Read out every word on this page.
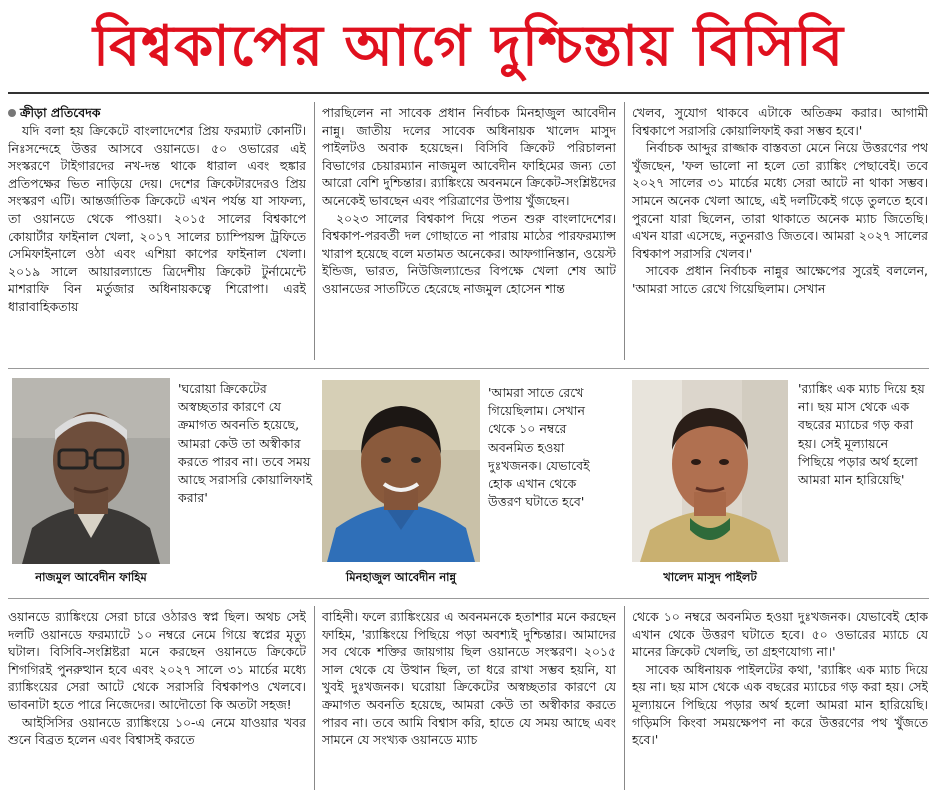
বিশ্বকাপের আগে দুশ্চিন্তায় বিসিবি
ক্রীড়া প্রতিবেদক

যদি বলা হয় ক্রিকেটে বাংলাদেশের প্রিয় ফরম্যাট কোনটি। নিঃসন্দেহে উত্তর আসবে ওয়ানডে। ৫০ ওভারের এই সংস্করণে টাইগারদের নখ-দন্ত থাকে ধারাল এবং হুঙ্কার প্রতিপক্ষের ভিত নাড়িয়ে দেয়। দেশের ক্রিকেটারদেরও প্রিয় সংস্করণ এটি। আন্তর্জাতিক ক্রিকেটে এখন পর্যন্ত যা সাফল্য, তা ওয়ানডে থেকে পাওয়া। ২০১৫ সালের বিশ্বকাপে কোয়ার্টার ফাইনাল খেলা, ২০১৭ সালের চ্যাম্পিয়ন্স ট্রফিতে সেমিফাইনালে ওঠা এবং এশিয়া কাপের ফাইনাল খেলা। ২০১৯ সালে আয়ারল্যান্ডে ত্রিদেশীয় ক্রিকেট টুর্নামেন্টে মাশরাফি বিন মর্তুজার অধিনায়কত্বে শিরোপা। এরই ধারাবাহিকতায়

পারছিলেন না সাবেক প্রধান নির্বাচক মিনহাজুল আবেদীন নান্নু। জাতীয় দলের সাবেক অধিনায়ক খালেদ মাসুদ পাইলটও অবাক হয়েছেন। বিসিবি ক্রিকেট পরিচালনা বিভাগের চেয়ারম্যান নাজমুল আবেদীন ফাহিমের জন্য তো আরো বেশি দুশ্চিন্তার। র‌্যাঙ্কিংয়ে অবনমনে ক্রিকেট-সংশ্লিষ্টদের অনেকেই ভাবছেন এবং পরিত্রাণের উপায় খুঁজছেন।

২০২৩ সালের বিশ্বকাপ দিয়ে পতন শুরু বাংলাদেশের। বিশ্বকাপ-পরবর্তী দল গোছাতে না পারায় মাঠের পারফরম্যান্স খারাপ হয়েছে বলে মতামত অনেকের। আফগানিস্তান, ওয়েস্ট ইন্ডিজ, ভারত, নিউজিল্যান্ডের বিপক্ষে খেলা শেষ আট ওয়ানডের সাতটিতে হেরেছে নাজমুল হোসেন শান্ত

খেলব, সুযোগ থাকবে এটাকে অতিক্রম করার। আগামী বিশ্বকাপে সরাসরি কোয়ালিফাই করা সম্ভব হবে।'

নির্বাচক আব্দুর রাজ্জাক বাস্তবতা মেনে নিয়ে উত্তরণের পথ খুঁজছেন, 'ফল ভালো না হলে তো র‌্যাঙ্কিং পেছাবেই। তবে ২০২৭ সালের ৩১ মার্চের মধ্যে সেরা আটে না থাকা সম্ভব। সামনে অনেক খেলা আছে, এই দলটিকেই গড়ে তুলতে হবে। পুরনো যারা ছিলেন, তারা থাকাতে অনেক ম্যাচ জিতেছি। এখন যারা এসেছে, নতুনরাও জিতবে। আমরা ২০২৭ সালের বিশ্বকাপ সরাসরি খেলব।'

সাবেক প্রধান নির্বাচক নান্নুর আক্ষেপের সুরেই বললেন, 'আমরা সাতে রেখে গিয়েছিলাম। সেখান

'ঘরোয়া ক্রিকেটের অস্বচ্ছতার কারণে যে ক্রমাগত অবনতি হয়েছে, আমরা কেউ তা অস্বীকার করতে পারব না। তবে সময় আছে সরাসরি কোয়ালিফাই করার'
নাজমুল আবেদীন ফাহিম
'আমরা সাতে রেখে গিয়েছিলাম। সেখান থেকে ১০ নম্বরে অবনমিত হওয়া দুঃখজনক। যেভাবেই হোক এখান থেকে উত্তরণ ঘটাতে হবে'
মিনহাজুল আবেদীন নান্নু
'র‌্যাঙ্কিং এক ম্যাচ দিয়ে হয় না। ছয় মাস থেকে এক বছরের ম্যাচের গড় করা হয়। সেই মূল্যায়নে পিছিয়ে পড়ার অর্থ হলো আমরা মান হারিয়েছি'
খালেদ মাসুদ পাইলট

ওয়ানডে র‌্যাঙ্কিংয়ে সেরা চারে ওঠারও স্বপ্ন ছিল। অথচ সেই দলটি ওয়ানডে ফরম্যাটে ১০ নম্বরে নেমে গিয়ে স্বপ্নের মৃত্যু ঘটাল। বিসিবি-সংশ্লিষ্টরা মনে করছেন ওয়ানডে ক্রিকেটে শিগগিরই পুনরুত্থান হবে এবং ২০২৭ সালে ৩১ মার্চের মধ্যে র‌্যাঙ্কিংয়ের সেরা আটে থেকে সরাসরি বিশ্বকাপও খেলবে। ভাবনাটা হতে পারে নিজেদের। আদৌতো কি অতটা সহজ!

আইসিসির ওয়ানডে র‌্যাঙ্কিংয়ে ১০-এ নেমে যাওয়ার খবর শুনে বিব্রত হলেন এবং বিশ্বাসই করতে

বাহিনী। ফলে র‌্যাঙ্কিংয়ের এ অবনমনকে হতাশার মনে করছেন ফাহিম, 'র‌্যাঙ্কিংয়ে পিছিয়ে পড়া অবশ্যই দুশ্চিন্তার। আমাদের সব থেকে শক্তির জায়গায় ছিল ওয়ানডে সংস্করণ। ২০১৫ সাল থেকে যে উত্থান ছিল, তা ধরে রাখা সম্ভব হয়নি, যা খুবই দুঃখজনক। ঘরোয়া ক্রিকেটের অস্বচ্ছতার কারণে যে ক্রমাগত অবনতি হয়েছে, আমরা কেউ তা অস্বীকার করতে পারব না। তবে আমি বিশ্বাস করি, হাতে যে সময় আছে এবং সামনে যে সংখ্যক ওয়ানডে ম্যাচ

থেকে ১০ নম্বরে অবনমিত হওয়া দুঃখজনক। যেভাবেই হোক এখান থেকে উত্তরণ ঘটাতে হবে। ৫০ ওভারের ম্যাচে যে মানের ক্রিকেট খেলছি, তা গ্রহণযোগ্য না।'

সাবেক অধিনায়ক পাইলটের কথা, 'র‌্যাঙ্কিং এক ম্যাচ দিয়ে হয় না। ছয় মাস থেকে এক বছরের ম্যাচের গড় করা হয়। সেই মূল্যায়নে পিছিয়ে পড়ার অর্থ হলো আমরা মান হারিয়েছি। গড়িমসি কিংবা সময়ক্ষেপণ না করে উত্তরণের পথ খুঁজতে হবে।'
